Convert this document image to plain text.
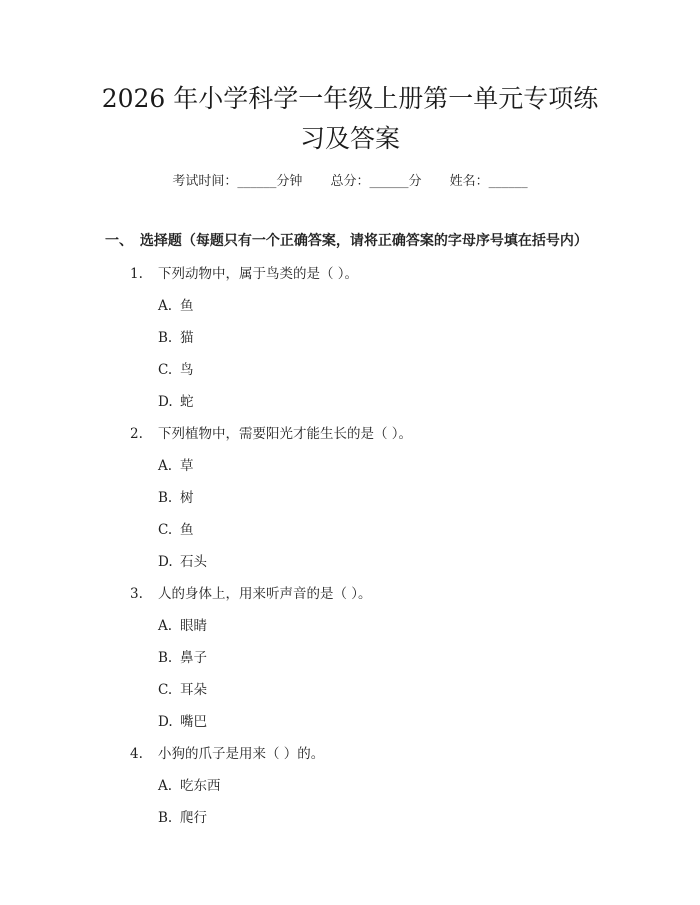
2026 年小学科学一年级上册第一单元专项练
习及答案
考试时间：______分钟 总分：______分 姓名：______
一、 选择题（每题只有一个正确答案，请将正确答案的字母序号填在括号内）
1. 下列动物中，属于鸟类的是（ ）。
A. 鱼
B. 猫
C. 鸟
D. 蛇
2. 下列植物中，需要阳光才能生长的是（ ）。
A. 草
B. 树
C. 鱼
D. 石头
3. 人的身体上，用来听声音的是（ ）。
A. 眼睛
B. 鼻子
C. 耳朵
D. 嘴巴
4. 小狗的爪子是用来（ ）的。
A. 吃东西
B. 爬行
